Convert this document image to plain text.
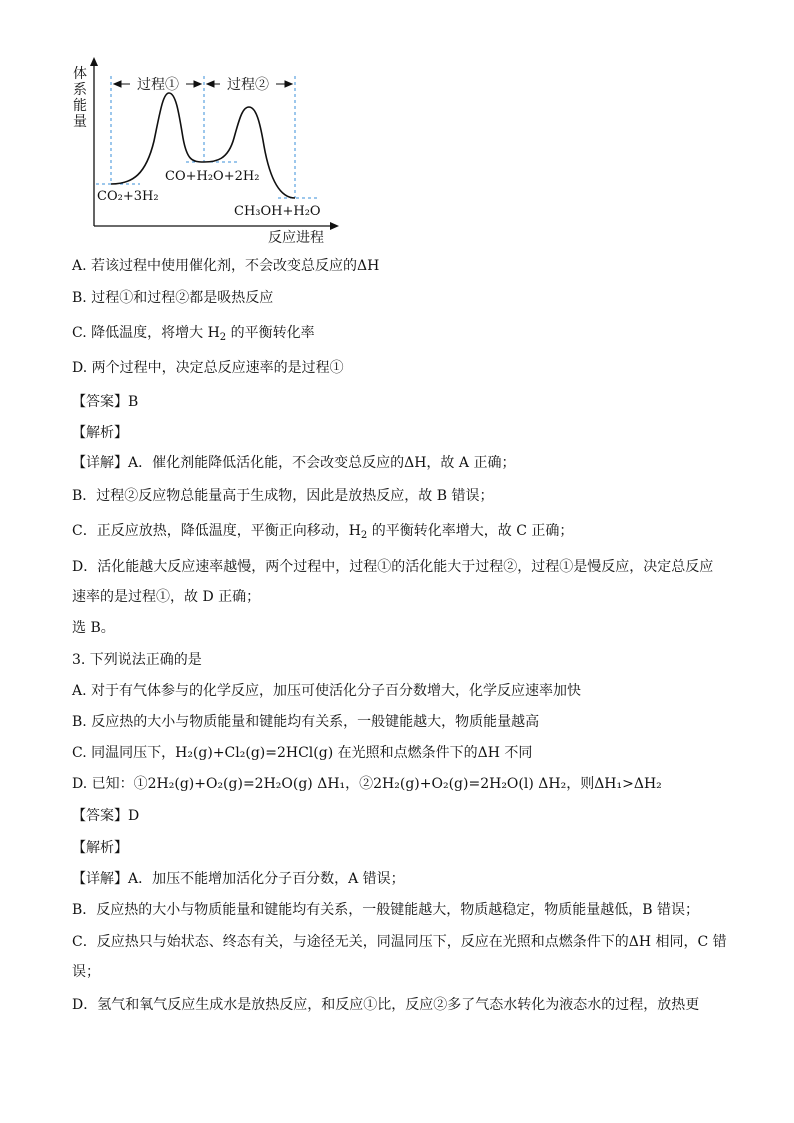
体系能量
过程①	过程②
CO₂+3H₂
CO+H₂O+2H₂
CH₃OH+H₂O
反应进程
A. 若该过程中使用催化剂，不会改变总反应的ΔH
B. 过程①和过程②都是吸热反应
C. 降低温度，将增大 $H_2$ 的平衡转化率
D. 两个过程中，决定总反应速率的是过程①
【答案】B
【解析】
【详解】A．催化剂能降低活化能，不会改变总反应的ΔH，故 A 正确；
B．过程②反应物总能量高于生成物，因此是放热反应，故 B 错误；
C．正反应放热，降低温度，平衡正向移动，$H_2$ 的平衡转化率增大，故 C 正确；
D．活化能越大反应速率越慢，两个过程中，过程①的活化能大于过程②，过程①是慢反应，决定总反应
速率的是过程①，故 D 正确；
选 B。
3. 下列说法正确的是
A. 对于有气体参与的化学反应，加压可使活化分子百分数增大，化学反应速率加快
B. 反应热的大小与物质能量和键能均有关系，一般键能越大，物质能量越高
C. 同温同压下，H₂(g)+Cl₂(g)=2HCl(g) 在光照和点燃条件下的ΔH 不同
D. 已知：①2H₂(g)+O₂(g)=2H₂O(g) ΔH₁，②2H₂(g)+O₂(g)=2H₂O(l) ΔH₂，则ΔH₁>ΔH₂
【答案】D
【解析】
【详解】A．加压不能增加活化分子百分数，A 错误；
B．反应热的大小与物质能量和键能均有关系，一般键能越大，物质越稳定，物质能量越低，B 错误；
C．反应热只与始状态、终态有关，与途径无关，同温同压下，反应在光照和点燃条件下的ΔH 相同，C 错
误；
D．氢气和氧气反应生成水是放热反应，和反应①比，反应②多了气态水转化为液态水的过程，放热更
